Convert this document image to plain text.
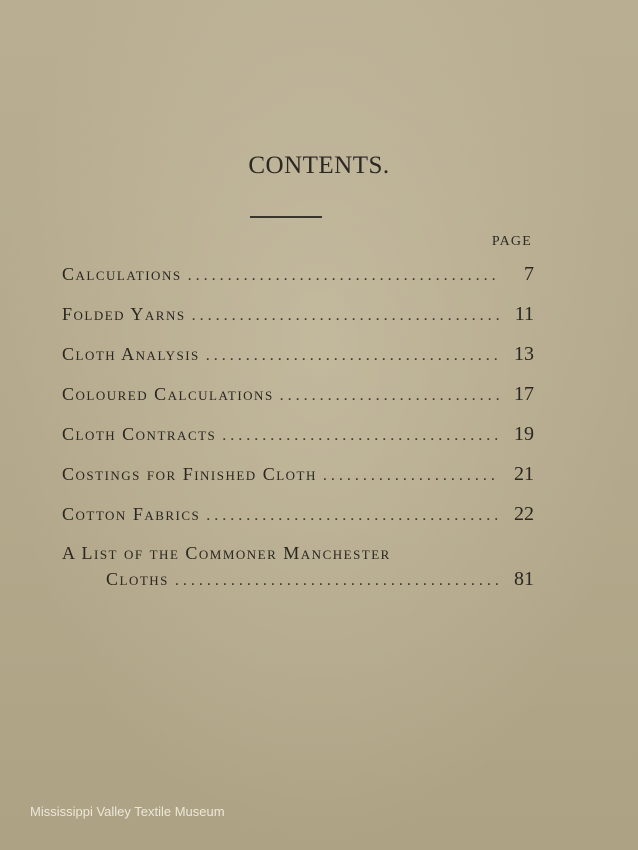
CONTENTS.
PAGE
Calculations . . .	7
Folded Yarns . . .	11
Cloth Analysis . . .	13
Coloured Calculations . . .	17
Cloth Contracts . . .	19
Costings for Finished Cloth . . .	21
Cotton Fabrics . . .	22
A List of the Commoner Manchester
Cloths . . .	81
Mississippi Valley Textile Museum
